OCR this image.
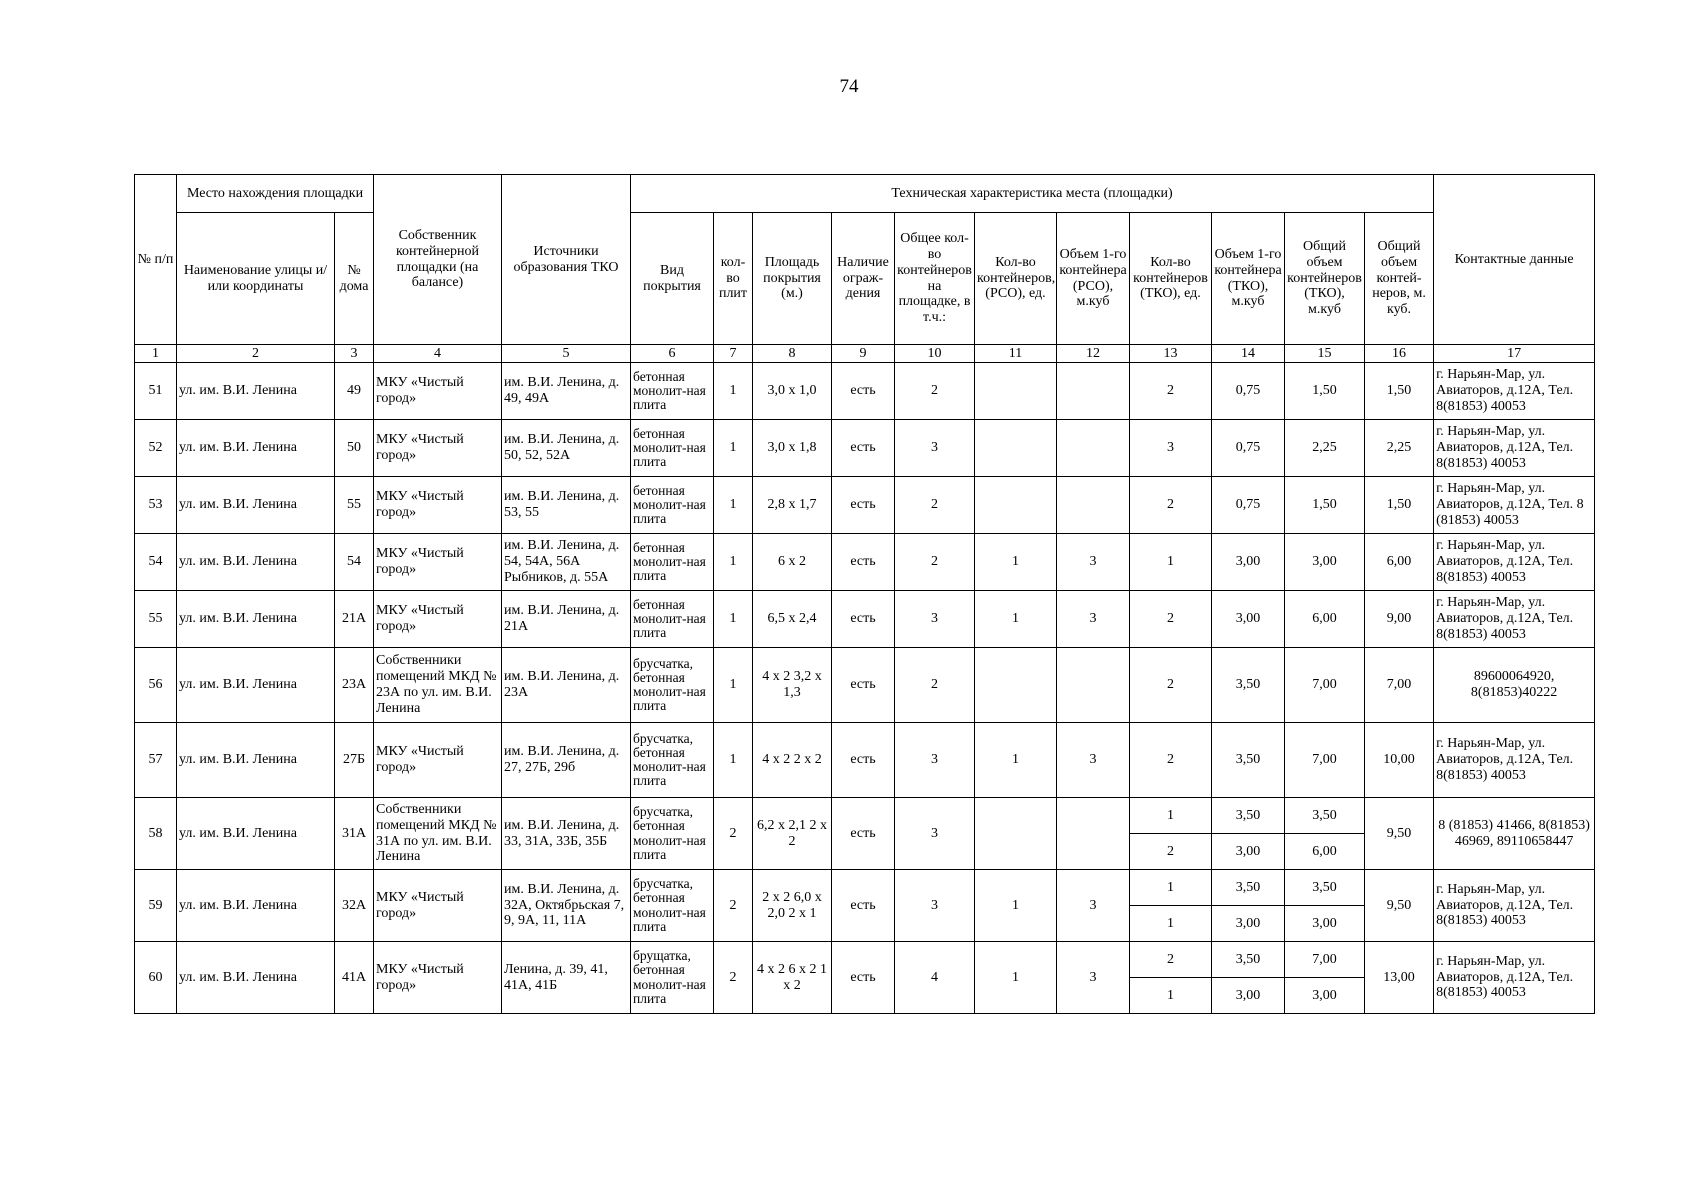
74
№ п/п	Место нахождения площадки		Собственник контейнерной площадки (на балансе)	Источники образования ТКО	Техническая характеристика места (площадки)											Контактные данные
	Наименование улицы и/или координаты	№ дома			Вид покрытия	кол-во плит	Площадь покрытия (м.)	Наличие ограж-дения	Общее кол-во контейнеров на площадке, в т.ч.:	Кол-во контейнеров, (РСО), ед.	Объем 1-го контейнера (РСО), м.куб	Кол-во контейнеров (ТКО), ед.	Объем 1-го контейнера (ТКО), м.куб	Общий объем контейнеров (ТКО), м.куб	Общий объем контей-неров, м. куб.	
1	2	3	4	5	6	7	8	9	10	11	12	13	14	15	16	17
51	ул. им. В.И. Ленина	49	МКУ «Чистый город»	им. В.И. Ленина, д. 49, 49А	бетонная монолит-ная плита	1	3,0 x 1,0	есть	2			2	0,75	1,50	1,50	г. Нарьян-Мар, ул. Авиаторов, д.12А, Тел. 8(81853) 40053
52	ул. им. В.И. Ленина	50	МКУ «Чистый город»	им. В.И. Ленина, д. 50, 52, 52А	бетонная монолит-ная плита	1	3,0 x 1,8	есть	3			3	0,75	2,25	2,25	г. Нарьян-Мар, ул. Авиаторов, д.12А, Тел. 8(81853) 40053
53	ул. им. В.И. Ленина	55	МКУ «Чистый город»	им. В.И. Ленина, д. 53, 55	бетонная монолит-ная плита	1	2,8 x 1,7	есть	2			2	0,75	1,50	1,50	г. Нарьян-Мар, ул. Авиаторов, д.12А, Тел. 8 (81853) 40053
54	ул. им. В.И. Ленина	54	МКУ «Чистый город»	им. В.И. Ленина, д. 54, 54А, 56А Рыбников, д. 55А	бетонная монолит-ная плита	1	6 x 2	есть	2	1	3	1	3,00	3,00	6,00	г. Нарьян-Мар, ул. Авиаторов, д.12А, Тел. 8(81853) 40053
55	ул. им. В.И. Ленина	21А	МКУ «Чистый город»	им. В.И. Ленина, д. 21А	бетонная монолит-ная плита	1	6,5 x 2,4	есть	3	1	3	2	3,00	6,00	9,00	г. Нарьян-Мар, ул. Авиаторов, д.12А, Тел. 8(81853) 40053
56	ул. им. В.И. Ленина	23А	Собственники помещений МКД № 23А по ул. им. В.И. Ленина	им. В.И. Ленина, д. 23А	брусчатка, бетонная монолит-ная плита	1	4 x 2 3,2 x 1,3	есть	2			2	3,50	7,00	7,00	89600064920, 8(81853)40222
57	ул. им. В.И. Ленина	27Б	МКУ «Чистый город»	им. В.И. Ленина, д. 27, 27Б, 29б	брусчатка, бетонная монолит-ная плита	1	4 x 2 2 x 2	есть	3	1	3	2	3,50	7,00	10,00	г. Нарьян-Мар, ул. Авиаторов, д.12А, Тел. 8(81853) 40053
58	ул. им. В.И. Ленина	31А	Собственники помещений МКД № 31А по ул. им. В.И. Ленина	им. В.И. Ленина, д. 33, 31А, 33Б, 35Б	брусчатка, бетонная монолит-ная плита	2	6,2 x 2,1 2 x 2	есть	3			1	3,50	3,50	9,50	8 (81853) 41466, 8(81853) 46969, 89110658447
												2	3,00	6,00		
59	ул. им. В.И. Ленина	32А	МКУ «Чистый город»	им. В.И. Ленина, д. 32А, Октябрьская 7, 9, 9А, 11, 11А	брусчатка, бетонная монолит-ная плита	2	2 x 2 6,0 x 2,0 2 x 1	есть	3	1	3	1	3,50	3,50	9,50	г. Нарьян-Мар, ул. Авиаторов, д.12А, Тел. 8(81853) 40053
												1	3,00	3,00		
60	ул. им. В.И. Ленина	41А	МКУ «Чистый город»	Ленина, д. 39, 41, 41А, 41Б	брущатка, бетонная монолит-ная плита	2	4 x 2 6 x 2 1 x 2	есть	4	1	3	2	3,50	7,00	13,00	г. Нарьян-Мар, ул. Авиаторов, д.12А, Тел. 8(81853) 40053
												1	3,00	3,00		
